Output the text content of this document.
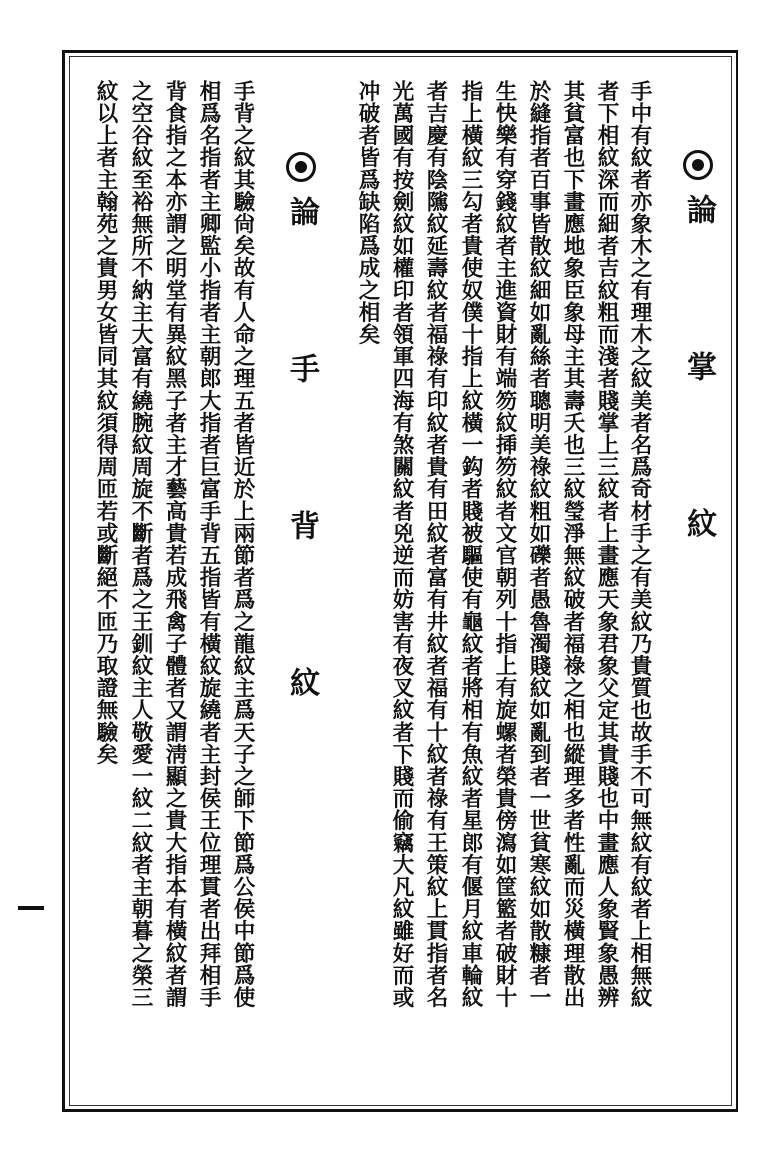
論 掌 紋
手中有紋者亦象木之有理木之紋美者名爲奇材手之有美紋乃貴質也故手不可無紋有紋者上相無紋
者下相紋深而細者吉紋粗而淺者賤掌上三紋者上畫應天象君象父定其貴賤也中畫應人象賢象愚辨
其貧富也下畫應地象臣象母主其壽夭也三紋瑩淨無紋破者福祿之相也縱理多者性亂而災橫理散出
於縫指者百事皆散紋細如亂絲者聰明美祿紋粗如礫者愚魯濁賤紋如亂到者一世貧寒紋如散糠者一
生快樂有穿錢紋者主進資財有端笏紋揷笏紋者文官朝列十指上有旋螺者榮貴傍瀉如筐籃者破財十
指上橫紋三勾者貴使奴僕十指上紋橫一鈎者賤被驅使有龜紋者將相有魚紋者星郎有偃月紋車輪紋
者吉慶有陰隲紋延壽紋者福祿有印紋者貴有田紋者富有井紋者福有十紋者祿有王策紋上貫指者名
光萬國有按劍紋如權印者領軍四海有煞關紋者兇逆而妨害有夜叉紋者下賤而偷竊大凡紋雖好而或
冲破者皆爲缺陷爲成之相矣
論 手 背 紋
手背之紋其驗尙矣故有人命之理五者皆近於上兩節者爲之龍紋主爲天子之師下節爲公侯中節爲使
相爲名指者主卿監小指者主朝郎大指者巨富手背五指皆有橫紋旋繞者主封侯王位理貫者出拜相手
背食指之本亦謂之明堂有異紋黑子者主才藝高貴若成飛禽子體者又謂淸顯之貴大指本有橫紋者謂
之空谷紋至裕無所不納主大富有繞腕紋周旋不斷者爲之王釧紋主人敬愛一紋二紋者主朝暮之榮三
紋以上者主翰苑之貴男女皆同其紋須得周匝若或斷絕不匝乃取證無驗矣
